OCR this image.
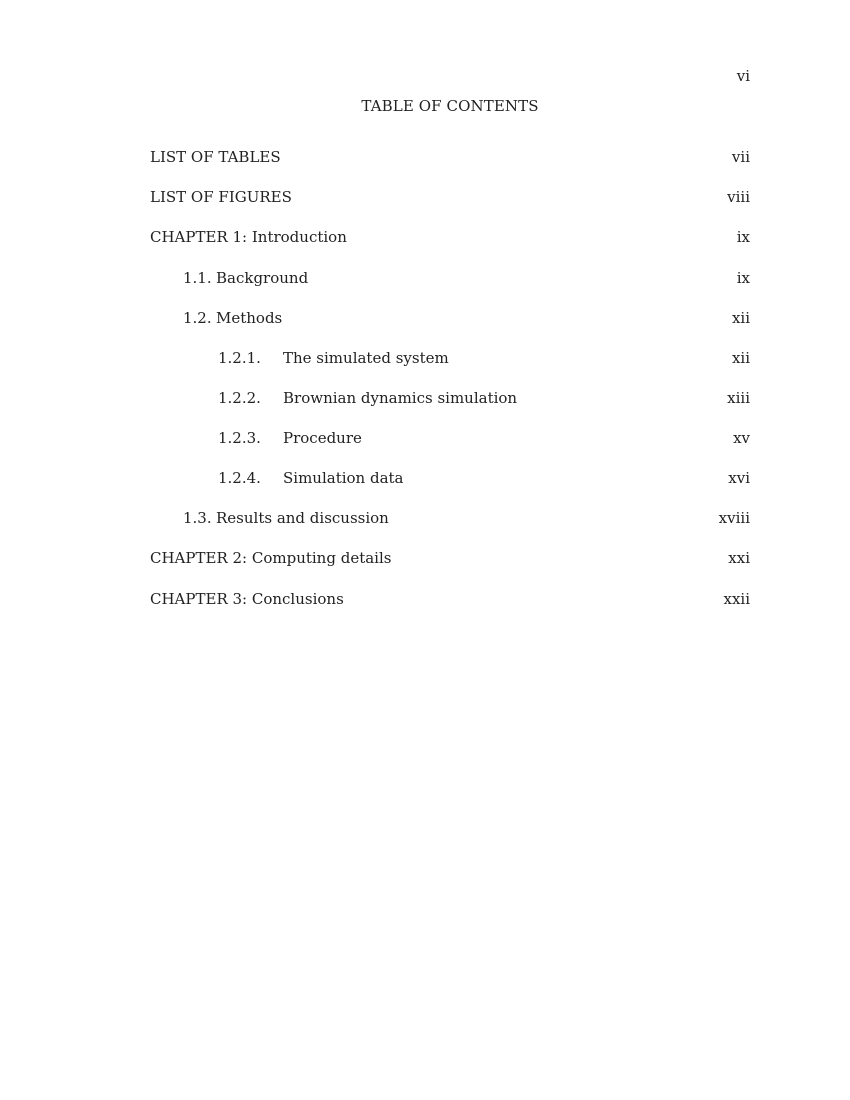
vi
TABLE OF CONTENTS
LIST OF TABLES	vii
LIST OF FIGURES	viii
CHAPTER 1: Introduction	ix
1.1. Background	ix
1.2. Methods	xii
1.2.1. The simulated system	xii
1.2.2. Brownian dynamics simulation	xiii
1.2.3. Procedure	xv
1.2.4. Simulation data	xvi
1.3. Results and discussion	xviii
CHAPTER 2: Computing details	xxi
CHAPTER 3: Conclusions	xxii
